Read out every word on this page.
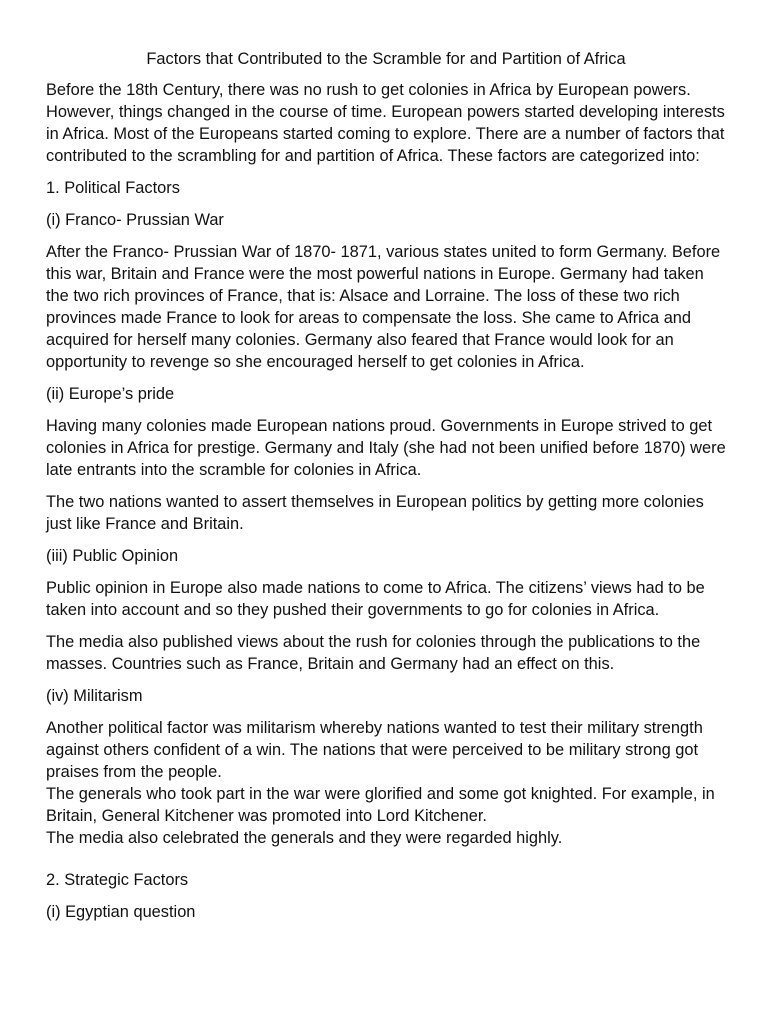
Factors that Contributed to the Scramble for and Partition of Africa

Before the 18th Century, there was no rush to get colonies in Africa by European powers. However, things changed in the course of time. European powers started developing interests in Africa. Most of the Europeans started coming to explore. There are a number of factors that contributed to the scrambling for and partition of Africa. These factors are categorized into:

1. Political Factors

(i) Franco- Prussian War

After the Franco- Prussian War of 1870- 1871, various states united to form Germany. Before this war, Britain and France were the most powerful nations in Europe. Germany had taken the two rich provinces of France, that is: Alsace and Lorraine. The loss of these two rich provinces made France to look for areas to compensate the loss. She came to Africa and acquired for herself many colonies. Germany also feared that France would look for an opportunity to revenge so she encouraged herself to get colonies in Africa.

(ii) Europe’s pride

Having many colonies made European nations proud. Governments in Europe strived to get colonies in Africa for prestige. Germany and Italy (she had not been unified before 1870) were late entrants into the scramble for colonies in Africa.

The two nations wanted to assert themselves in European politics by getting more colonies just like France and Britain.

(iii) Public Opinion

Public opinion in Europe also made nations to come to Africa. The citizens’ views had to be taken into account and so they pushed their governments to go for colonies in Africa.

The media also published views about the rush for colonies through the publications to the masses. Countries such as France, Britain and Germany had an effect on this.

(iv) Militarism

Another political factor was militarism whereby nations wanted to test their military strength against others confident of a win. The nations that were perceived to be military strong got praises from the people.
The generals who took part in the war were glorified and some got knighted. For example, in Britain, General Kitchener was promoted into Lord Kitchener.
The media also celebrated the generals and they were regarded highly.

2. Strategic Factors

(i) Egyptian question
